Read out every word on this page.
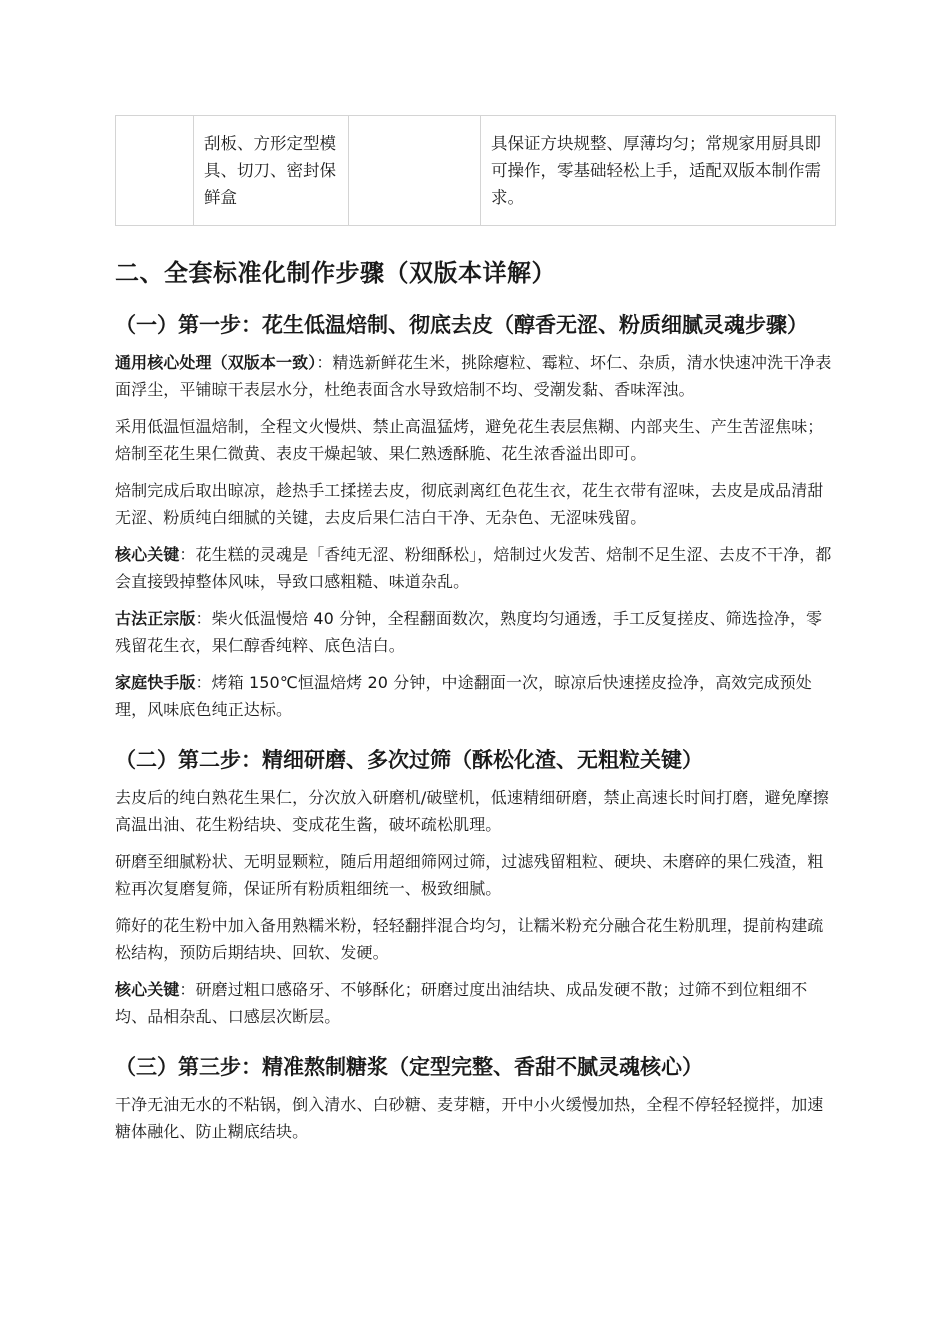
	刮板、方形定型模具、切刀、密封保鲜盒		具保证方块规整、厚薄均匀；常规家用厨具即可操作，零基础轻松上手，适配双版本制作需求。
二、全套标准化制作步骤（双版本详解）
（一）第一步：花生低温焙制、彻底去皮（醇香无涩、粉质细腻灵魂步骤）

通用核心处理（双版本一致）：精选新鲜花生米，挑除瘪粒、霉粒、坏仁、杂质，清水快速冲洗干净表面浮尘，平铺晾干表层水分，杜绝表面含水导致焙制不均、受潮发黏、香味浑浊。

采用低温恒温焙制，全程文火慢烘、禁止高温猛烤，避免花生表层焦糊、内部夹生、产生苦涩焦味；焙制至花生果仁微黄、表皮干燥起皱、果仁熟透酥脆、花生浓香溢出即可。

焙制完成后取出晾凉，趁热手工揉搓去皮，彻底剥离红色花生衣，花生衣带有涩味，去皮是成品清甜无涩、粉质纯白细腻的关键，去皮后果仁洁白干净、无杂色、无涩味残留。

核心关键：花生糕的灵魂是「香纯无涩、粉细酥松」，焙制过火发苦、焙制不足生涩、去皮不干净，都会直接毁掉整体风味，导致口感粗糙、味道杂乱。

古法正宗版：柴火低温慢焙 40 分钟，全程翻面数次，熟度均匀通透，手工反复搓皮、筛选捡净，零残留花生衣，果仁醇香纯粹、底色洁白。

家庭快手版：烤箱 150℃恒温焙烤 20 分钟，中途翻面一次，晾凉后快速搓皮捡净，高效完成预处理，风味底色纯正达标。

（二）第二步：精细研磨、多次过筛（酥松化渣、无粗粒关键）

去皮后的纯白熟花生果仁，分次放入研磨机/破壁机，低速精细研磨，禁止高速长时间打磨，避免摩擦高温出油、花生粉结块、变成花生酱，破坏疏松肌理。

研磨至细腻粉状、无明显颗粒，随后用超细筛网过筛，过滤残留粗粒、硬块、未磨碎的果仁残渣，粗粒再次复磨复筛，保证所有粉质粗细统一、极致细腻。

筛好的花生粉中加入备用熟糯米粉，轻轻翻拌混合均匀，让糯米粉充分融合花生粉肌理，提前构建疏松结构，预防后期结块、回软、发硬。

核心关键：研磨过粗口感硌牙、不够酥化；研磨过度出油结块、成品发硬不散；过筛不到位粗细不均、品相杂乱、口感层次断层。

（三）第三步：精准熬制糖浆（定型完整、香甜不腻灵魂核心）

干净无油无水的不粘锅，倒入清水、白砂糖、麦芽糖，开中小火缓慢加热，全程不停轻轻搅拌，加速糖体融化、防止糊底结块。
